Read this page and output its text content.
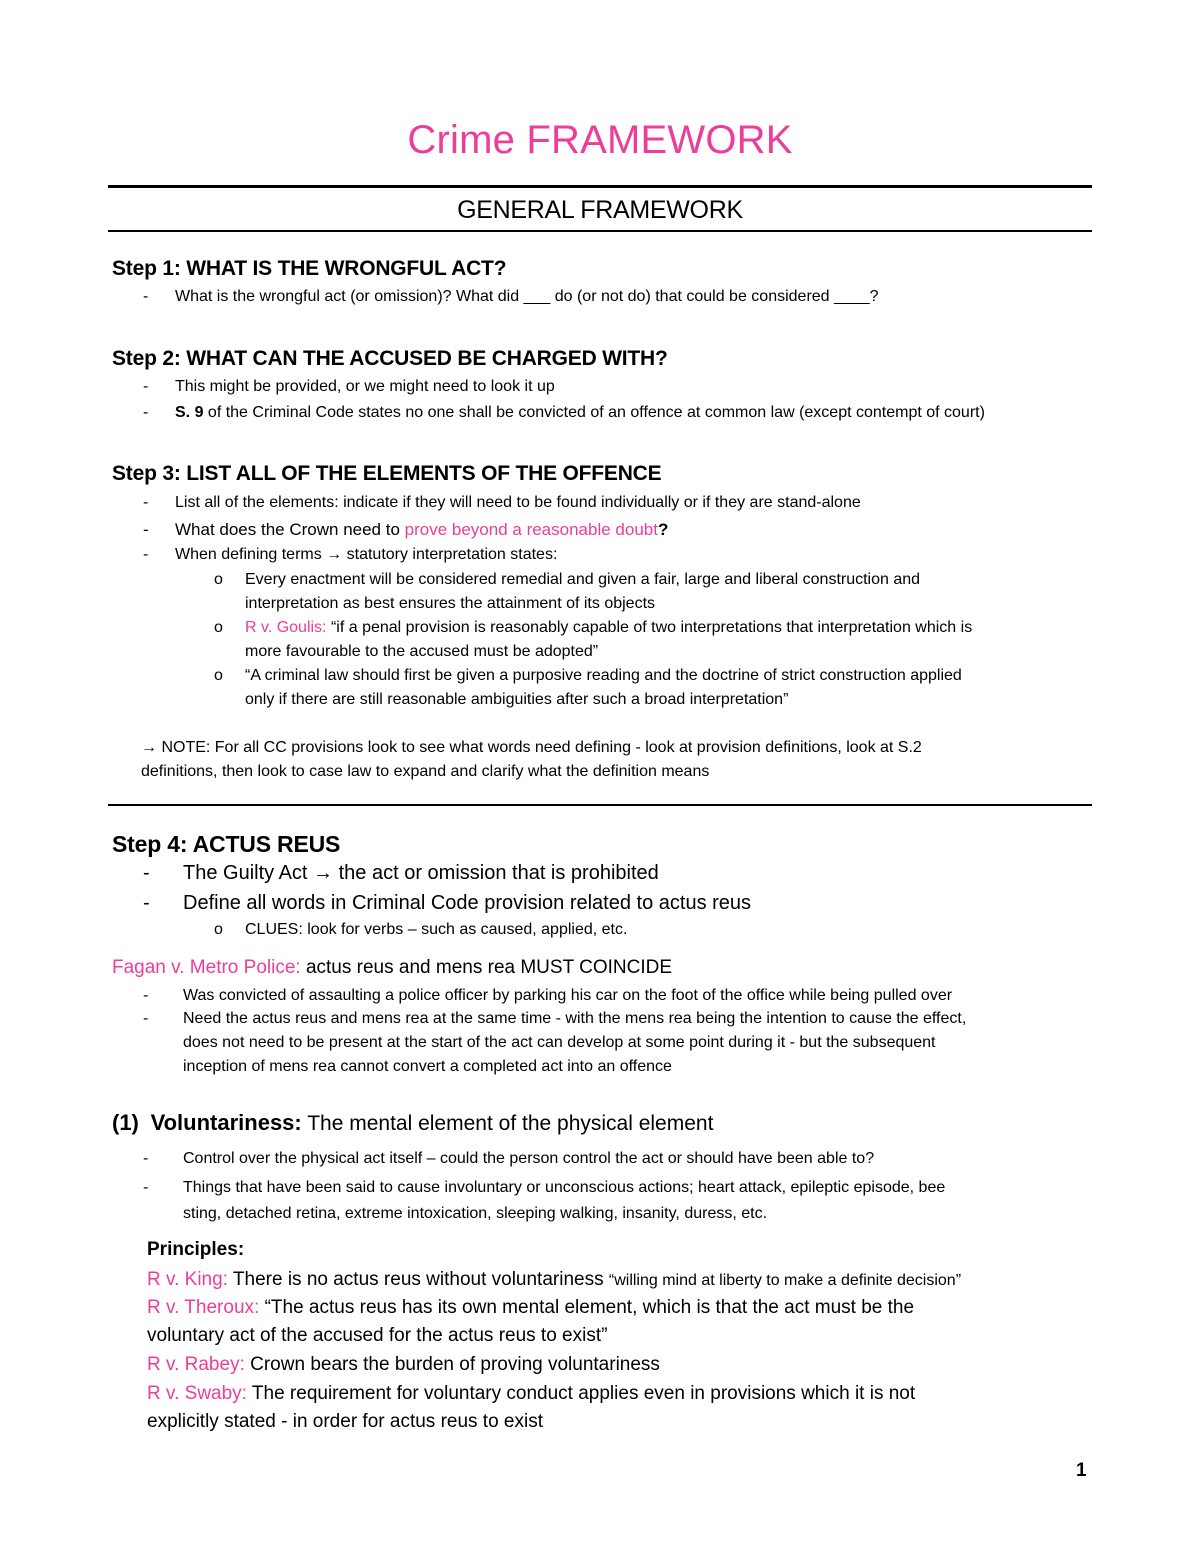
Crime FRAMEWORK
GENERAL FRAMEWORK
Step 1: WHAT IS THE WRONGFUL ACT?
- What is the wrongful act (or omission)? What did ___ do (or not do) that could be considered ____?
Step 2: WHAT CAN THE ACCUSED BE CHARGED WITH?
- This might be provided, or we might need to look it up
- S. 9 of the Criminal Code states no one shall be convicted of an offence at common law (except contempt of court)
Step 3: LIST ALL OF THE ELEMENTS OF THE OFFENCE
- List all of the elements: indicate if they will need to be found individually or if they are stand-alone
- What does the Crown need to prove beyond a reasonable doubt?
- When defining terms → statutory interpretation states:
o Every enactment will be considered remedial and given a fair, large and liberal construction and
interpretation as best ensures the attainment of its objects
o R v. Goulis: “if a penal provision is reasonably capable of two interpretations that interpretation which is
more favourable to the accused must be adopted”
o “A criminal law should first be given a purposive reading and the doctrine of strict construction applied
only if there are still reasonable ambiguities after such a broad interpretation”
→ NOTE: For all CC provisions look to see what words need defining - look at provision definitions, look at S.2
definitions, then look to case law to expand and clarify what the definition means
Step 4: ACTUS REUS
- The Guilty Act → the act or omission that is prohibited
- Define all words in Criminal Code provision related to actus reus
o CLUES: look for verbs – such as caused, applied, etc.
Fagan v. Metro Police: actus reus and mens rea MUST COINCIDE
- Was convicted of assaulting a police officer by parking his car on the foot of the office while being pulled over
- Need the actus reus and mens rea at the same time - with the mens rea being the intention to cause the effect,
does not need to be present at the start of the act can develop at some point during it - but the subsequent
inception of mens rea cannot convert a completed act into an offence
(1) Voluntariness: The mental element of the physical element
- Control over the physical act itself – could the person control the act or should have been able to?
- Things that have been said to cause involuntary or unconscious actions; heart attack, epileptic episode, bee
sting, detached retina, extreme intoxication, sleeping walking, insanity, duress, etc.
Principles:
R v. King: There is no actus reus without voluntariness “willing mind at liberty to make a definite decision”
R v. Theroux: “The actus reus has its own mental element, which is that the act must be the
voluntary act of the accused for the actus reus to exist”
R v. Rabey: Crown bears the burden of proving voluntariness
R v. Swaby: The requirement for voluntary conduct applies even in provisions which it is not
explicitly stated - in order for actus reus to exist
1
